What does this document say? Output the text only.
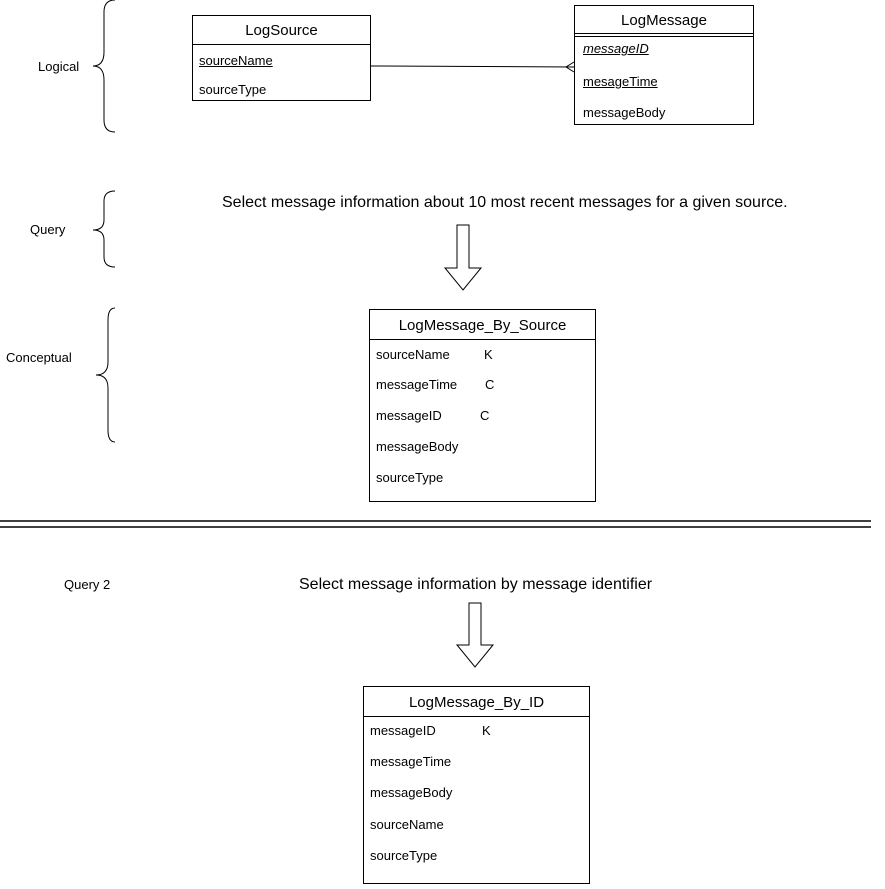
Logical
Query
Conceptual
Query 2
LogSource
sourceName
sourceType
LogMessage
messageID
mesageTime
messageBody
Select message information about 10 most recent messages for a given source.
LogMessage_By_Source
sourceName	K
messageTime C
messageID	C
messageBody
sourceType
Select message information by message identifier
LogMessage_By_ID
messageID	K
messageTime
messageBody
sourceName
sourceType
